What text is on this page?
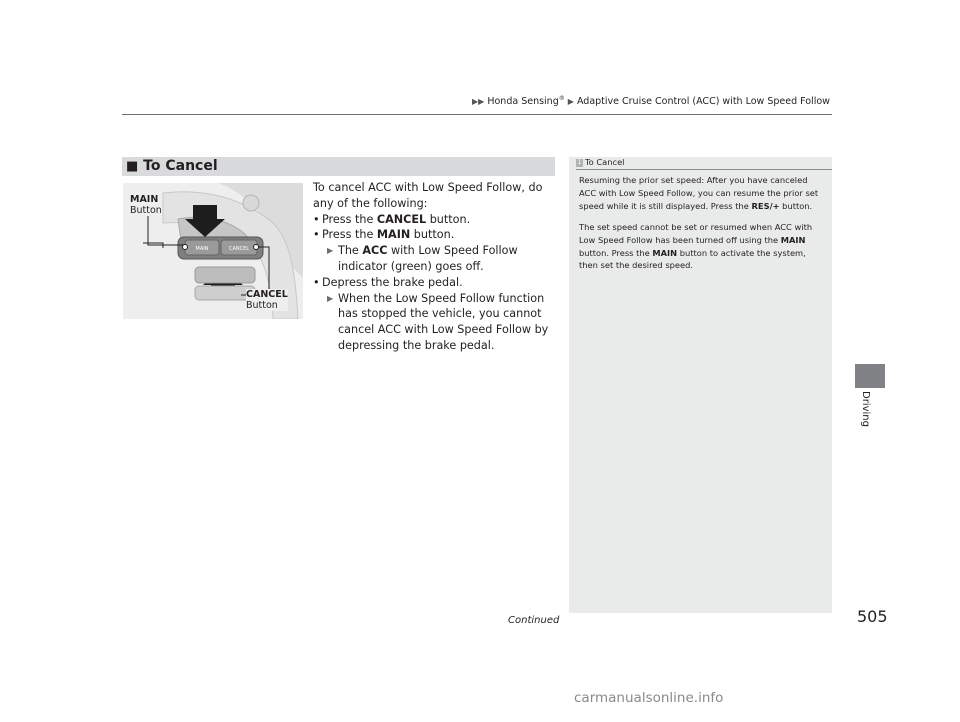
▶▶ Honda Sensing® ▶ Adaptive Cruise Control (ACC) with Low Speed Follow
■ To Cancel
MAIN	CANCEL
MAIN
Button
CANCEL
Button

To cancel ACC with Low Speed Follow, do any of the following:

• Press the CANCEL button.

• Press the MAIN button.

▶ The ACC with Low Speed Follow indicator (green) goes off.

• Depress the brake pedal.

▶ When the Low Speed Follow function has stopped the vehicle, you cannot cancel ACC with Low Speed Follow by depressing the brake pedal.

1 To Cancel

Resuming the prior set speed: After you have canceled ACC with Low Speed Follow, you can resume the prior set speed while it is still displayed. Press the RES/+ button.

The set speed cannot be set or resumed when ACC with Low Speed Follow has been turned off using the MAIN button. Press the MAIN button to activate the system, then set the desired speed.

Driving
Continued	505
carmanualsonline.info
